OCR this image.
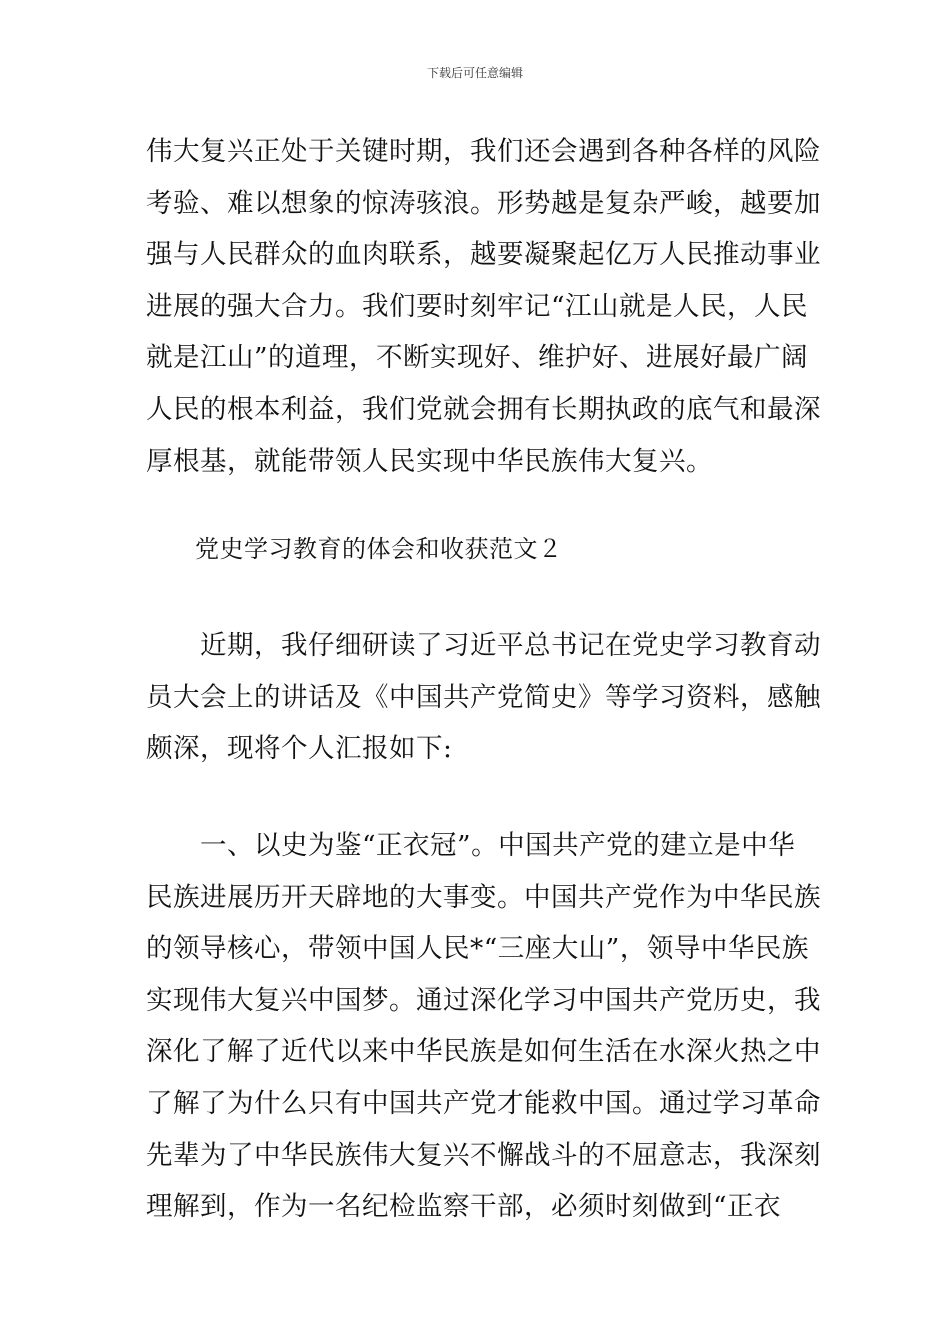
下载后可任意编辑
伟大复兴正处于关键时期，我们还会遇到各种各样的风险
考验、难以想象的惊涛骇浪。形势越是复杂严峻，越要加
强与人民群众的血肉联系，越要凝聚起亿万人民推动事业
进展的强大合力。我们要时刻牢记“江山就是人民，人民
就是江山”的道理，不断实现好、维护好、进展好最广阔
人民的根本利益，我们党就会拥有长期执政的底气和最深
厚根基，就能带领人民实现中华民族伟大复兴。
　　党史学习教育的体会和收获范文２
　　近期，我仔细研读了习近平总书记在党史学习教育动
员大会上的讲话及《中国共产党简史》等学习资料，感触
颇深，现将个人汇报如下:
　　一、以史为鉴“正衣冠”。中国共产党的建立是中华
民族进展历开天辟地的大事变。中国共产党作为中华民族
的领导核心，带领中国人民*“三座大山”，领导中华民族
实现伟大复兴中国梦。通过深化学习中国共产党历史，我
深化了解了近代以来中华民族是如何生活在水深火热之中
了解了为什么只有中国共产党才能救中国。通过学习革命
先辈为了中华民族伟大复兴不懈战斗的不屈意志，我深刻
理解到，作为一名纪检监察干部，必须时刻做到“正衣
